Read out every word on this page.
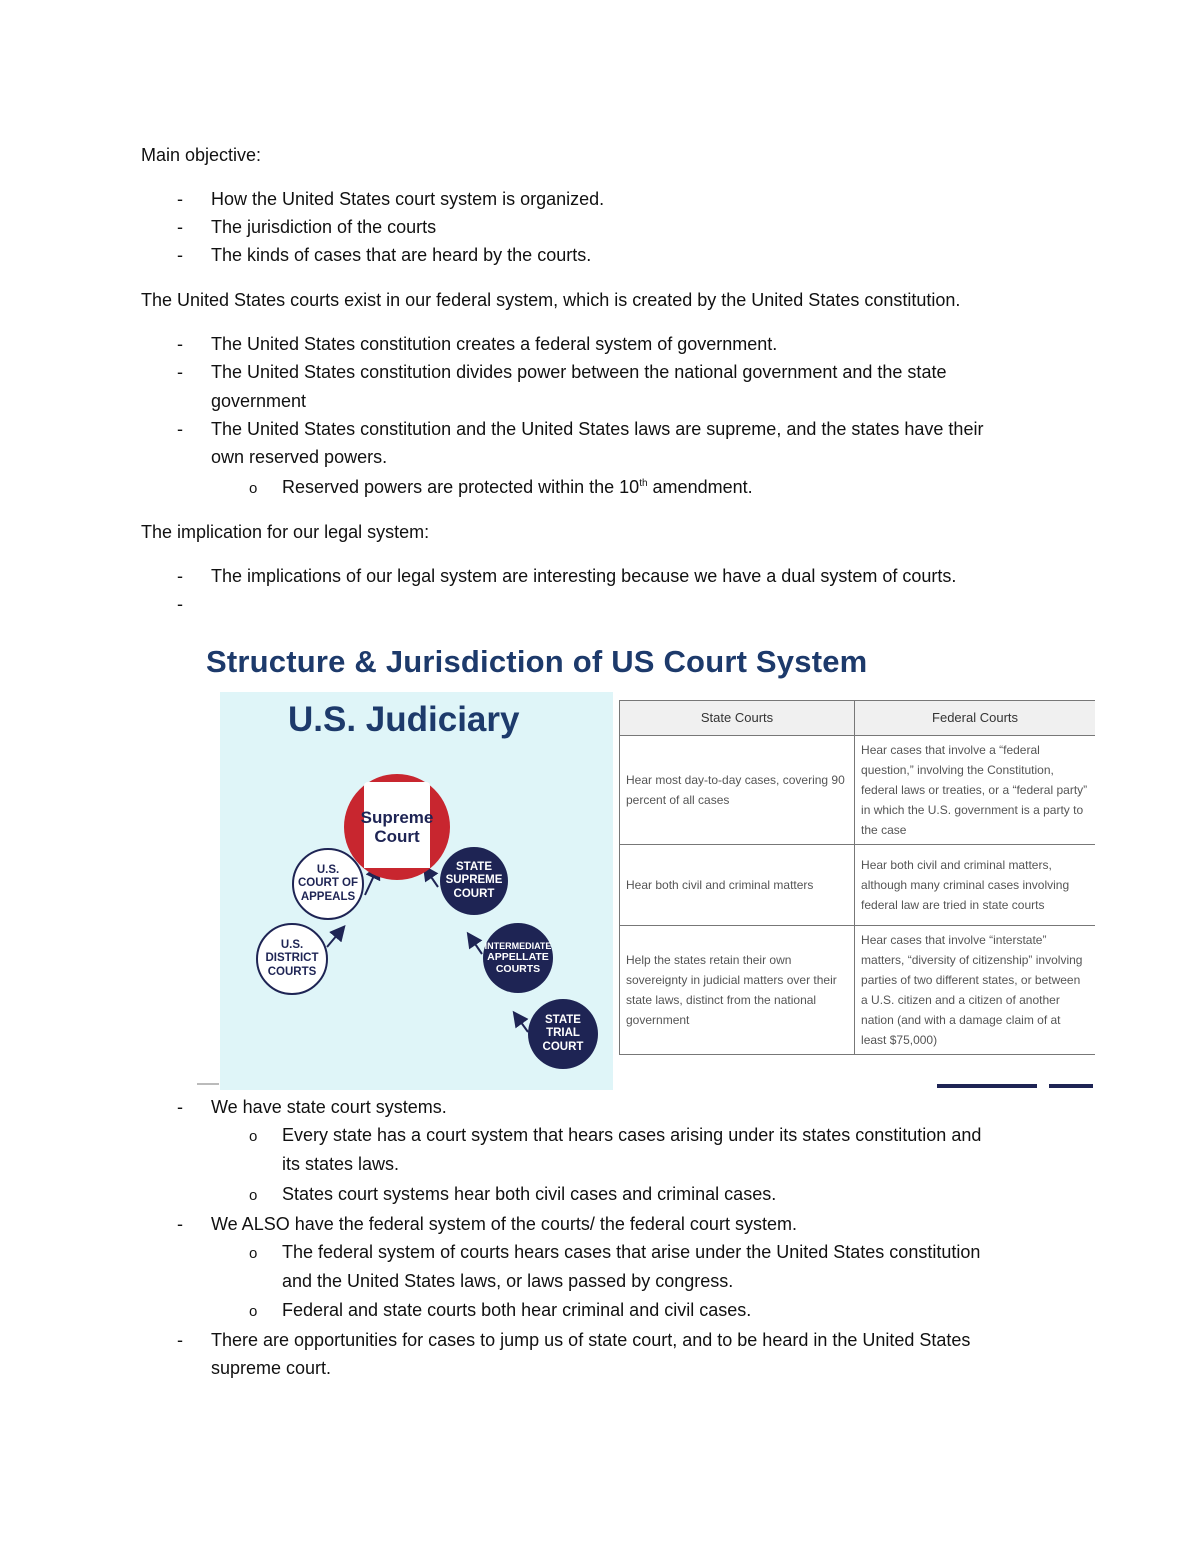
Main objective:
- How the United States court system is organized.
- The jurisdiction of the courts
- The kinds of cases that are heard by the courts.
The United States courts exist in our federal system, which is created by the United States constitution.
- The United States constitution creates a federal system of government.
- The United States constitution divides power between the national government and the state
government
- The United States constitution and the United States laws are supreme, and the states have their
own reserved powers.
o Reserved powers are protected within the 10th amendment.
The implication for our legal system:
- The implications of our legal system are interesting because we have a dual system of courts.
-
Structure & Jurisdiction of US Court System
U.S. Judiciary
Supreme
Court
U.S.
COURT OF
APPEALS
U.S.
DISTRICT
COURTS
STATE
SUPREME
COURT
INTERMEDIATE
APPELLATE
COURTS
STATE
TRIAL
COURT
State Courts	Federal Courts
Hear most day-to-day cases, covering 90 percent of all cases	Hear cases that involve a “federal question,” involving the Constitution, federal laws or treaties, or a “federal party” in which the U.S. government is a party to the case
Hear both civil and criminal matters	Hear both civil and criminal matters, although many criminal cases involving federal law are tried in state courts
Help the states retain their own sovereignty in judicial matters over their state laws, distinct from the national government	Hear cases that involve “interstate” matters, “diversity of citizenship” involving parties of two different states, or between a U.S. citizen and a citizen of another nation (and with a damage claim of at least $75,000)
- We have state court systems.
o Every state has a court system that hears cases arising under its states constitution and
its states laws.
o States court systems hear both civil cases and criminal cases.
- We ALSO have the federal system of the courts/ the federal court system.
o The federal system of courts hears cases that arise under the United States constitution
and the United States laws, or laws passed by congress.
o Federal and state courts both hear criminal and civil cases.
- There are opportunities for cases to jump us of state court, and to be heard in the United States
supreme court.
